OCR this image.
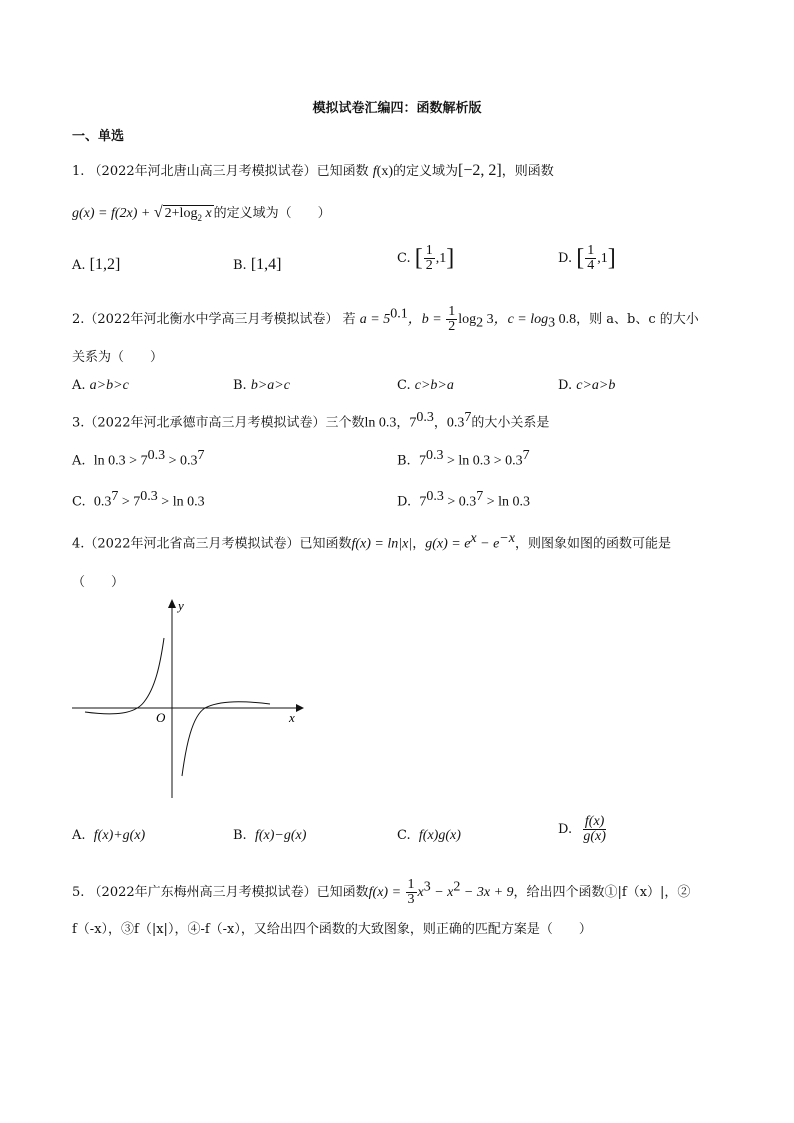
模拟试卷汇编四：函数解析版
一、单选
1. （2022年河北唐山高三月考模拟试卷）已知函数 f(x)的定义域为[−2, 2]，则函数
g(x) = f(2x) + √ $2+\log_2$ x 的定义域为（　　）
A. [1,2]	B. [1,4]	C. [ $\frac{1}{2} ,1$]	D. [ $\frac{1}{4} ,1$]
2.（2022年河北衡水中学高三月考模拟试卷） 若 $a = 5^{0.1}$，$b = \frac{1}{2} \log_2 3$，$c = \log_3 0.8$，则 a、b、c 的大小
关系为（　　）
A. a>b>c	B. b>a>c	C. c>b>a	D. c>a>b
3.（2022年河北承德市高三月考模拟试卷）三个数ln 0.3，$7^{0.3}$，$0.3^7$的大小关系是
A. $\ln 0.3 > 7^{0.3} > 0.3^7$	B. $7^{0.3} > \ln 0.3 > 0.3^7$
C. $0.3^7 > 7^{0.3} > \ln 0.3$	D. $7^{0.3} > 0.3^7 > \ln 0.3$
4.（2022年河北省高三月考模拟试卷）已知函数f(x) = ln|x|，$g(x) = e^x - e^{-x}$，则图象如图的函数可能是
（　　）
y
x
O
A. f(x)+g(x)	B. f(x)−g(x)	C. f(x)g(x)	D. $\frac{f(x)}{g(x)}$
5. （2022年广东梅州高三月考模拟试卷）已知函数$f(x) = \frac{1}{3} x^3 - x^2 - 3x + 9$，给出四个函数①|f（x）|，②
f（-x），③f（|x|），④-f（-x），又给出四个函数的大致图象，则正确的匹配方案是（　　）
